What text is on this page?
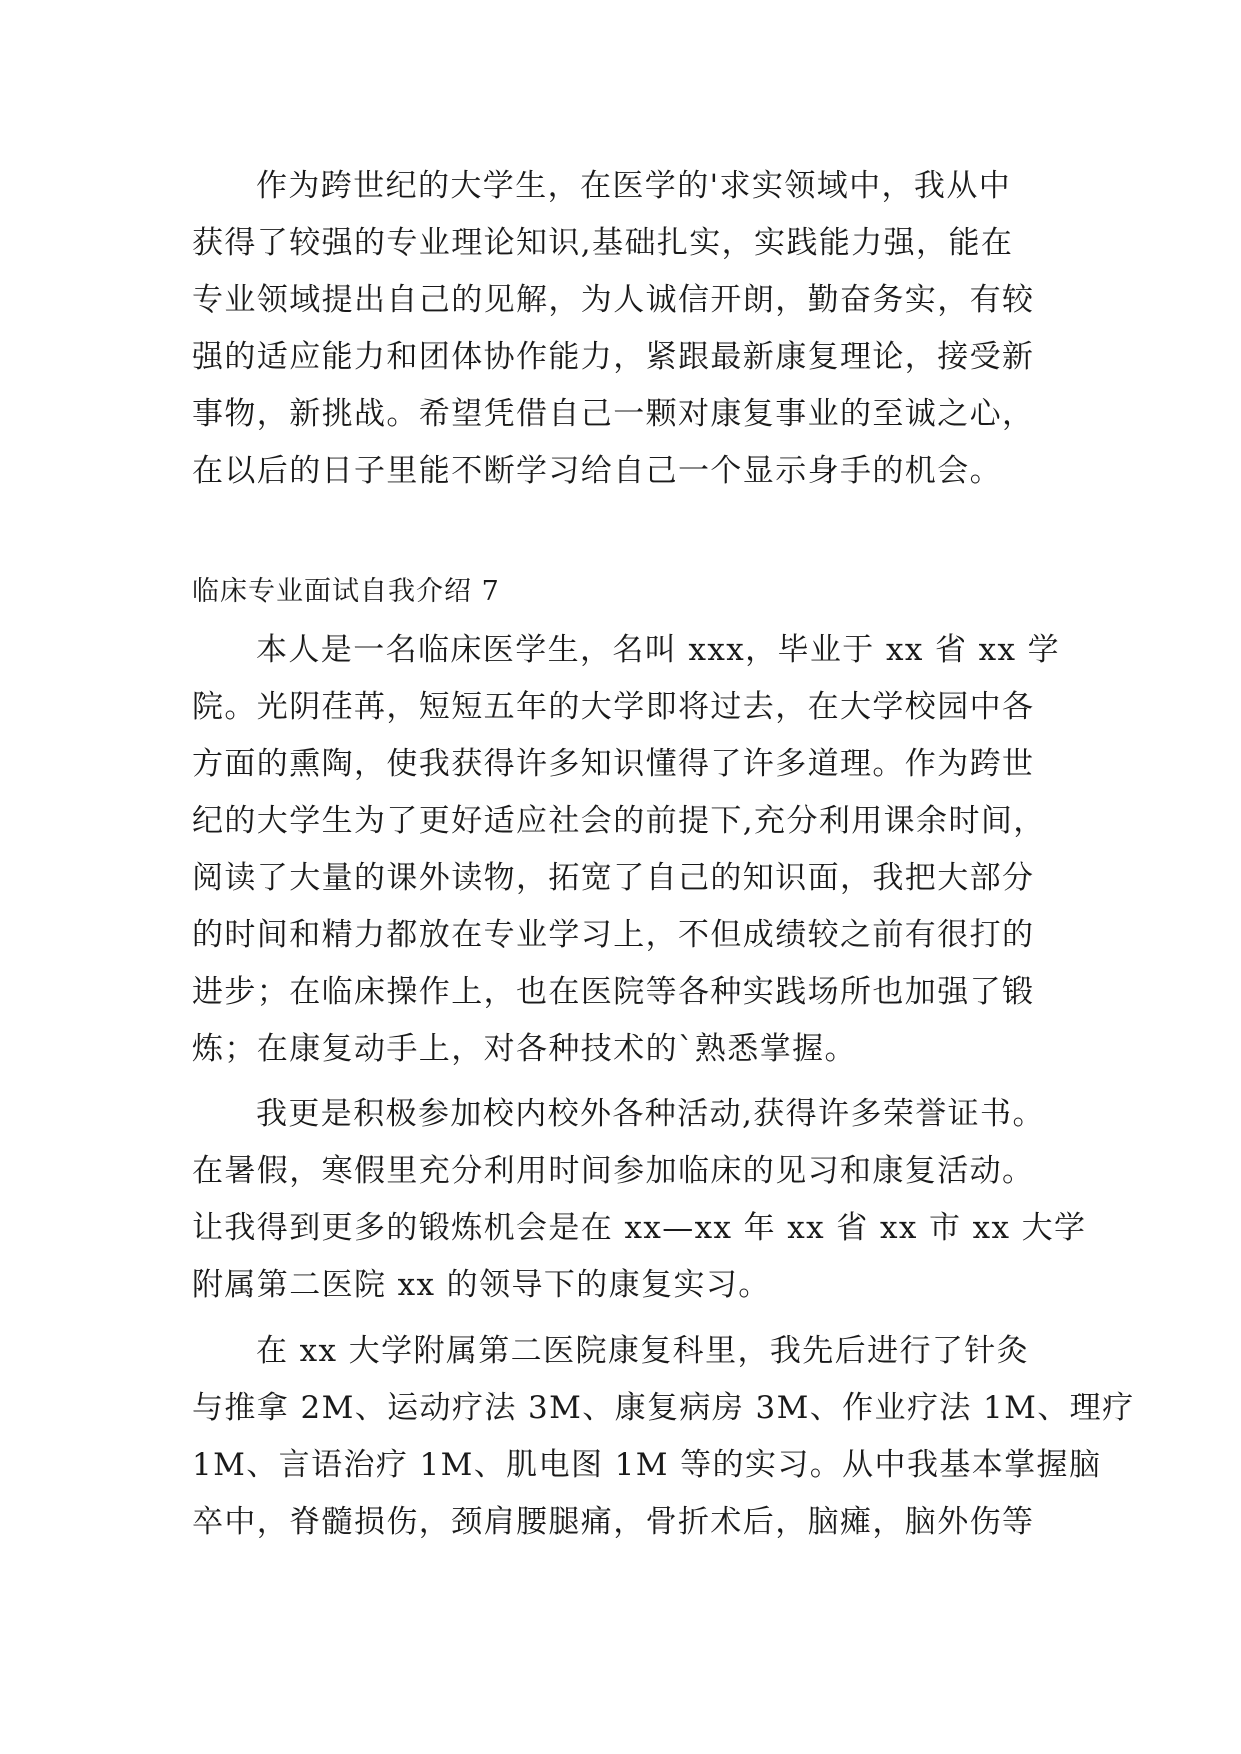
作为跨世纪的大学生，在医学的'求实领域中，我从中
获得了较强的专业理论知识,基础扎实，实践能力强，能在
专业领域提出自己的见解，为人诚信开朗，勤奋务实，有较
强的适应能力和团体协作能力，紧跟最新康复理论，接受新
事物，新挑战。希望凭借自己一颗对康复事业的至诚之心，
在以后的日子里能不断学习给自己一个显示身手的机会。
临床专业面试自我介绍 7
本人是一名临床医学生，名叫 xxx，毕业于 xx 省 xx 学
院。光阴荏苒，短短五年的大学即将过去，在大学校园中各
方面的熏陶，使我获得许多知识懂得了许多道理。作为跨世
纪的大学生为了更好适应社会的前提下,充分利用课余时间，
阅读了大量的课外读物，拓宽了自己的知识面，我把大部分
的时间和精力都放在专业学习上，不但成绩较之前有很打的
进步；在临床操作上，也在医院等各种实践场所也加强了锻
炼；在康复动手上，对各种技术的`熟悉掌握。
我更是积极参加校内校外各种活动,获得许多荣誉证书。
在暑假，寒假里充分利用时间参加临床的见习和康复活动。
让我得到更多的锻炼机会是在 xx—xx 年 xx 省 xx 市 xx 大学
附属第二医院 xx 的领导下的康复实习。
在 xx 大学附属第二医院康复科里，我先后进行了针灸
与推拿 2M、运动疗法 3M、康复病房 3M、作业疗法 1M、理疗
1M、言语治疗 1M、肌电图 1M 等的实习。从中我基本掌握脑
卒中，脊髓损伤，颈肩腰腿痛，骨折术后，脑瘫，脑外伤等
